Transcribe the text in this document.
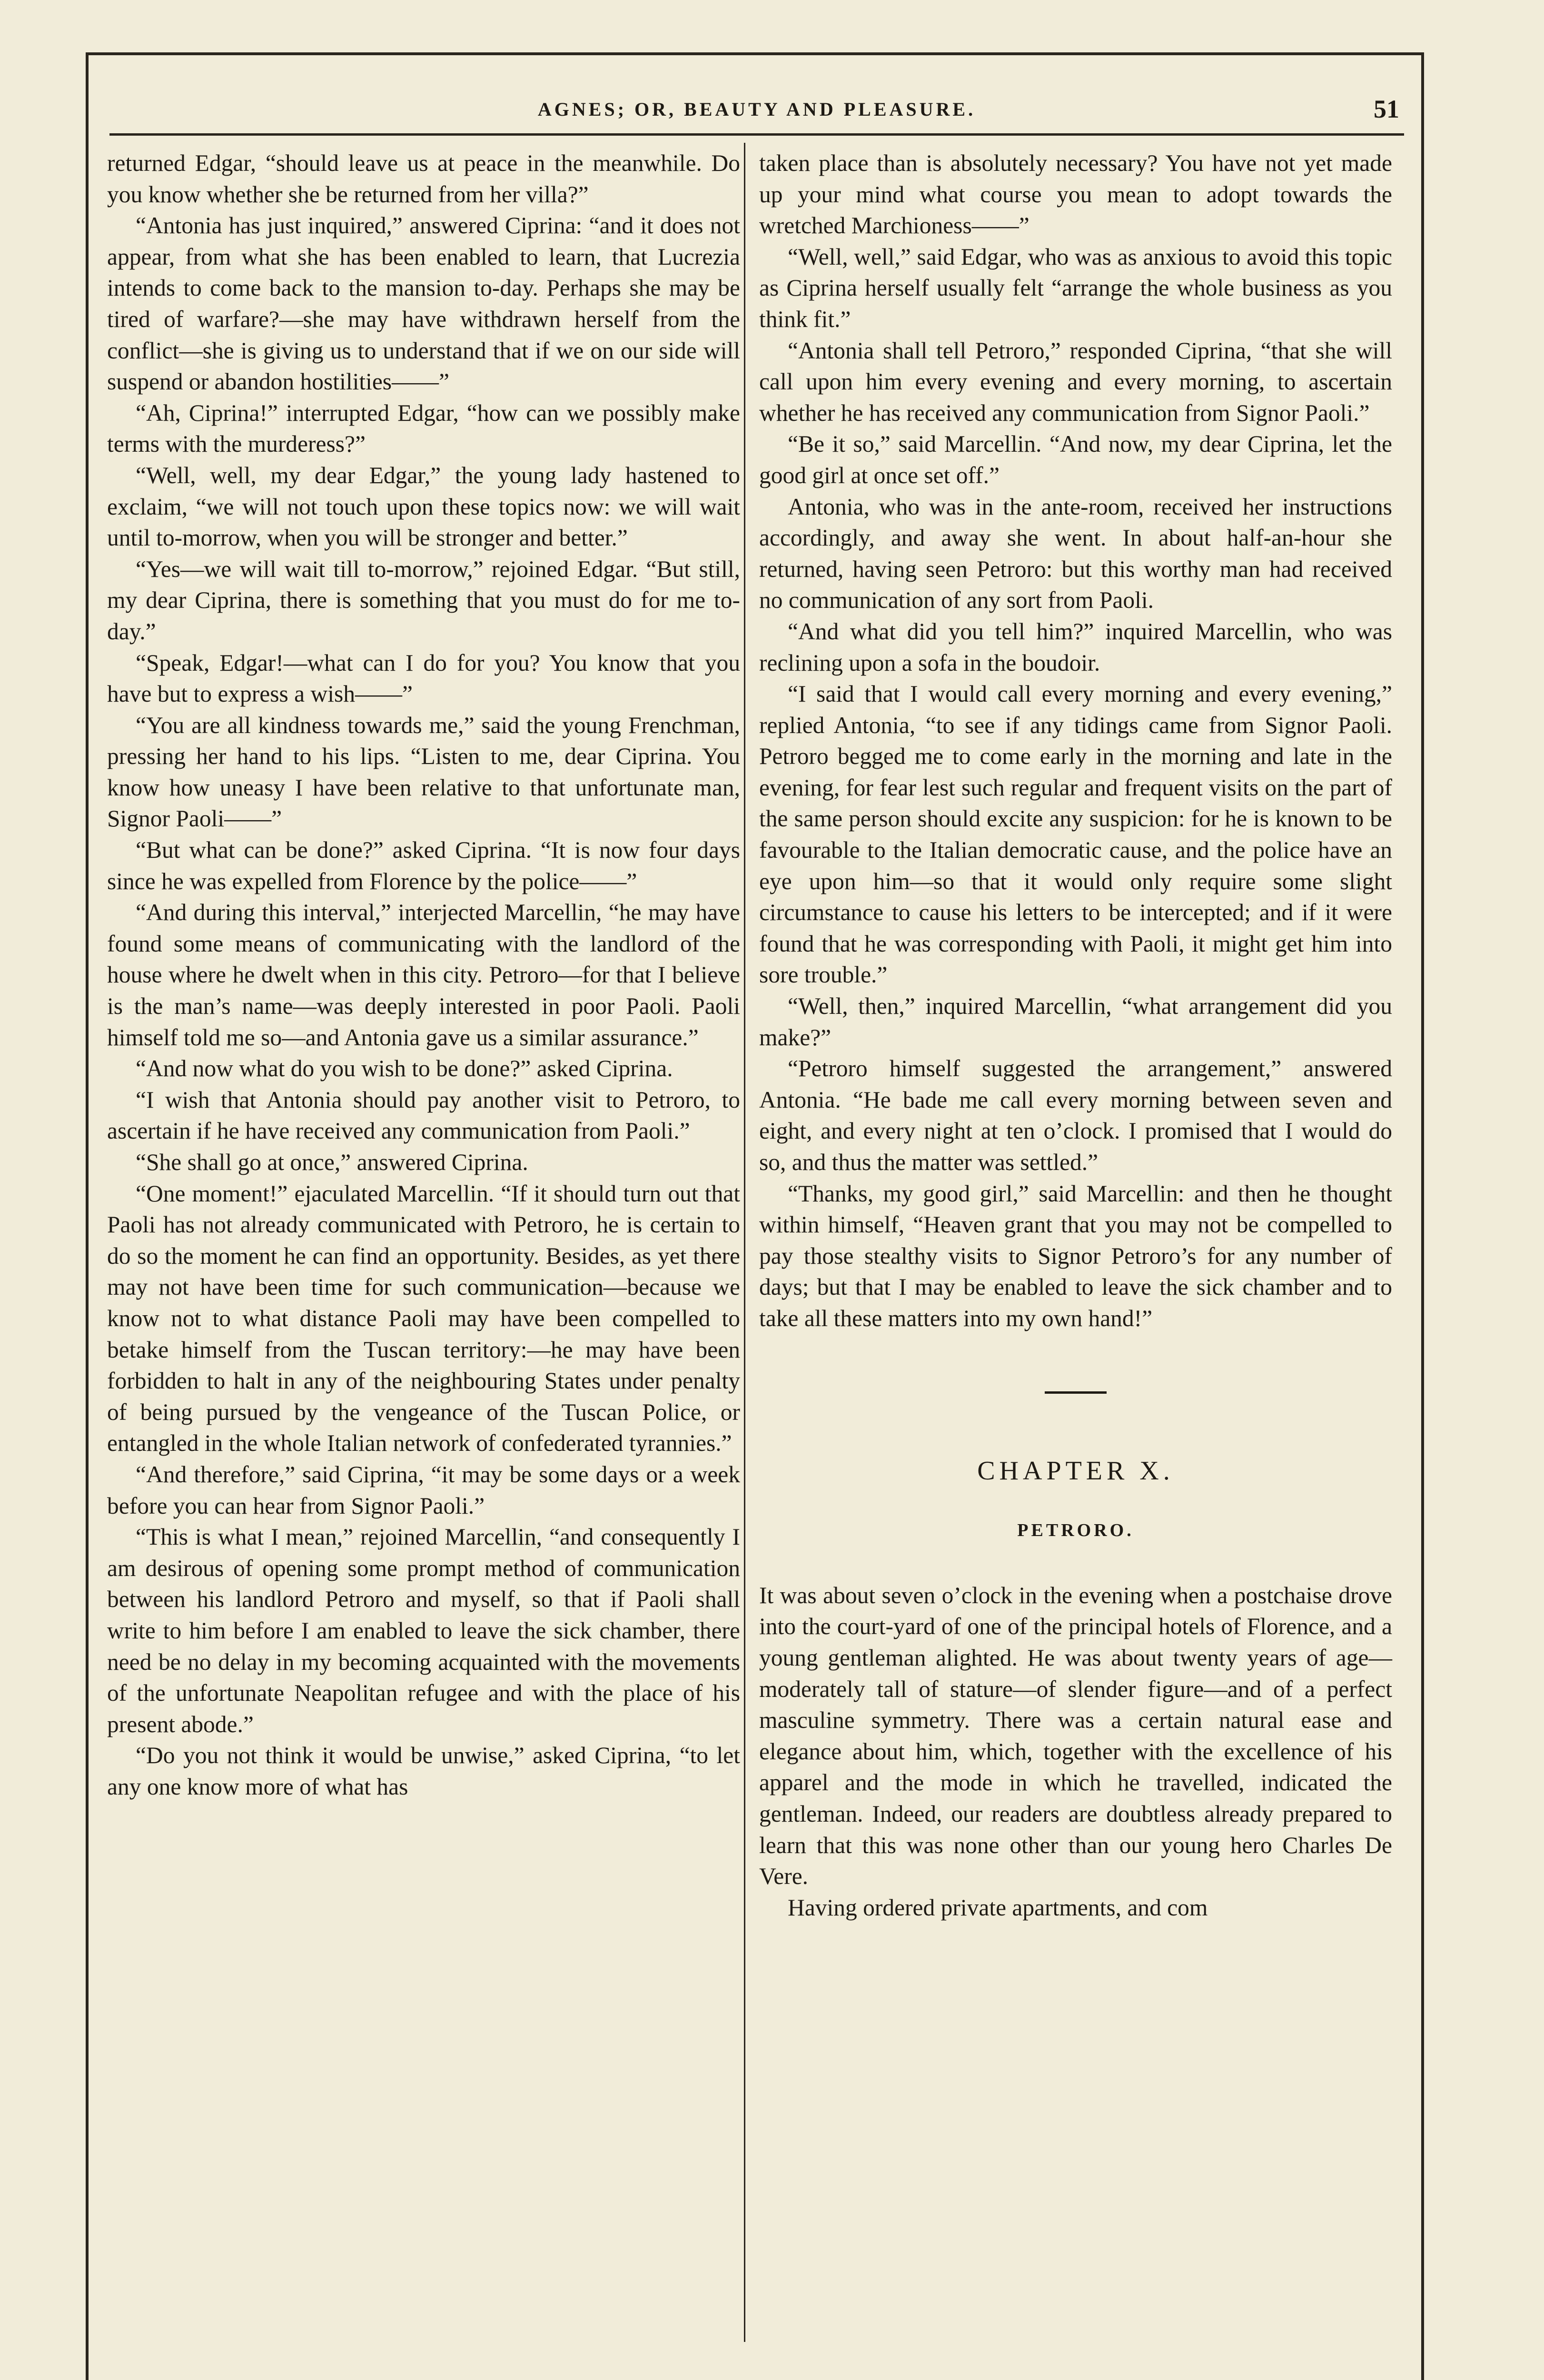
AGNES; OR, BEAUTY AND PLEASURE.	51

returned Edgar, “should leave us at peace in the meanwhile. Do you know whether she be returned from her villa?”

“Antonia has just inquired,” answered Ciprina: “and it does not appear, from what she has been enabled to learn, that Lucrezia intends to come back to the mansion to-day. Perhaps she may be tired of warfare?—she may have withdrawn herself from the conflict—she is giving us to understand that if we on our side will suspend or abandon hostilities——”

“Ah, Ciprina!” interrupted Edgar, “how can we possibly make terms with the murderess?”

“Well, well, my dear Edgar,” the young lady hastened to exclaim, “we will not touch upon these topics now: we will wait until to-morrow, when you will be stronger and better.”

“Yes—we will wait till to-morrow,” rejoined Edgar. “But still, my dear Ciprina, there is something that you must do for me to-day.”

“Speak, Edgar!—what can I do for you? You know that you have but to express a wish——”

“You are all kindness towards me,” said the young Frenchman, pressing her hand to his lips. “Listen to me, dear Ciprina. You know how uneasy I have been relative to that unfortunate man, Signor Paoli——”

“But what can be done?” asked Ciprina. “It is now four days since he was expelled from Florence by the police——”

“And during this interval,” interjected Marcellin, “he may have found some means of communicating with the landlord of the house where he dwelt when in this city. Petroro—for that I believe is the man’s name—was deeply interested in poor Paoli. Paoli himself told me so—and Antonia gave us a similar assurance.”

“And now what do you wish to be done?” asked Ciprina.

“I wish that Antonia should pay another visit to Petroro, to ascertain if he have received any communication from Paoli.”

“She shall go at once,” answered Ciprina.

“One moment!” ejaculated Marcellin. “If it should turn out that Paoli has not already communicated with Petroro, he is certain to do so the moment he can find an opportunity. Besides, as yet there may not have been time for such communication—because we know not to what distance Paoli may have been compelled to betake himself from the Tuscan territory:—he may have been forbidden to halt in any of the neighbouring States under penalty of being pursued by the vengeance of the Tuscan Police, or entangled in the whole Italian network of confederated tyrannies.”

“And therefore,” said Ciprina, “it may be some days or a week before you can hear from Signor Paoli.”

“This is what I mean,” rejoined Marcellin, “and consequently I am desirous of opening some prompt method of communication between his landlord Petroro and myself, so that if Paoli shall write to him before I am enabled to leave the sick chamber, there need be no delay in my becoming acquainted with the movements of the unfortunate Neapolitan refugee and with the place of his present abode.”

“Do you not think it would be unwise,” asked Ciprina, “to let any one know more of what has

taken place than is absolutely necessary? You have not yet made up your mind what course you mean to adopt towards the wretched Marchioness——”

“Well, well,” said Edgar, who was as anxious to avoid this topic as Ciprina herself usually felt “arrange the whole business as you think fit.”

“Antonia shall tell Petroro,” responded Ciprina, “that she will call upon him every evening and every morning, to ascertain whether he has received any communication from Signor Paoli.”

“Be it so,” said Marcellin. “And now, my dear Ciprina, let the good girl at once set off.”

Antonia, who was in the ante-room, received her instructions accordingly, and away she went. In about half-an-hour she returned, having seen Petroro: but this worthy man had received no communication of any sort from Paoli.

“And what did you tell him?” inquired Marcellin, who was reclining upon a sofa in the boudoir.

“I said that I would call every morning and every evening,” replied Antonia, “to see if any tidings came from Signor Paoli. Petroro begged me to come early in the morning and late in the evening, for fear lest such regular and frequent visits on the part of the same person should excite any suspicion: for he is known to be favourable to the Italian democratic cause, and the police have an eye upon him—so that it would only require some slight circumstance to cause his letters to be intercepted; and if it were found that he was corresponding with Paoli, it might get him into sore trouble.”

“Well, then,” inquired Marcellin, “what arrangement did you make?”

“Petroro himself suggested the arrangement,” answered Antonia. “He bade me call every morning between seven and eight, and every night at ten o’clock. I promised that I would do so, and thus the matter was settled.”

“Thanks, my good girl,” said Marcellin: and then he thought within himself, “Heaven grant that you may not be compelled to pay those stealthy visits to Signor Petroro’s for any number of days; but that I may be enabled to leave the sick chamber and to take all these matters into my own hand!”

CHAPTER X.
PETRORO.

It was about seven o’clock in the evening when a postchaise drove into the court-yard of one of the principal hotels of Florence, and a young gentleman alighted. He was about twenty years of age—moderately tall of stature—of slender figure—and of a perfect masculine symmetry. There was a certain natural ease and elegance about him, which, together with the excellence of his apparel and the mode in which he travelled, indicated the gentleman. Indeed, our readers are doubtless already prepared to learn that this was none other than our young hero Charles De Vere.

Having ordered private apartments, and com
